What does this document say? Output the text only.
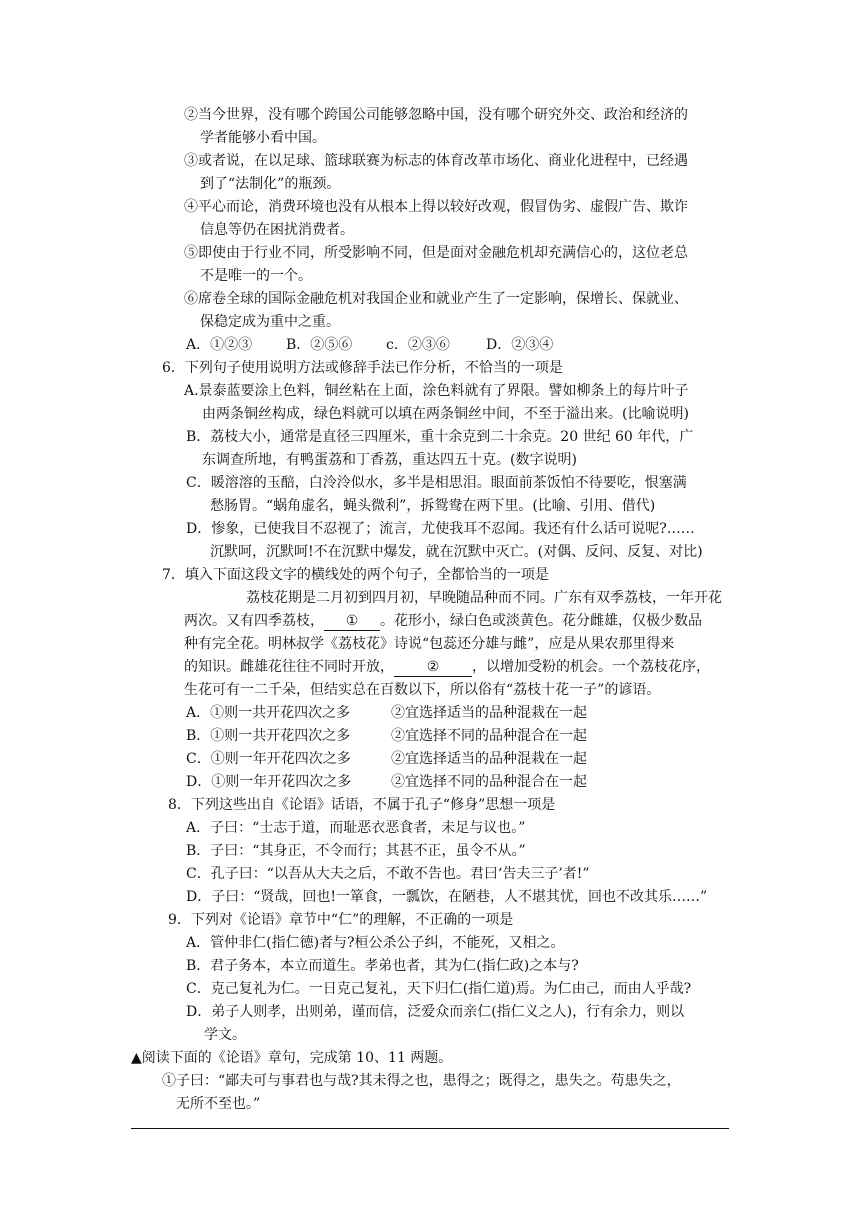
②当今世界，没有哪个跨国公司能够忽略中国，没有哪个研究外交、政治和经济的
学者能够小看中国。
③或者说，在以足球、篮球联赛为标志的体育改革市场化、商业化进程中，已经遇
到了“法制化”的瓶颈。
④平心而论，消费环境也没有从根本上得以较好改观，假冒伪劣、虚假广告、欺诈
信息等仍在困扰消费者。
⑤即使由于行业不同，所受影响不同，但是面对金融危机却充满信心的，这位老总
不是唯一的一个。
⑥席卷全球的国际金融危机对我国企业和就业产生了一定影响，保增长、保就业、
保稳定成为重中之重。
A．①②③ B．②⑤⑥ c．②③⑥	D．②③④
6．下列句子使用说明方法或修辞手法已作分析，不恰当的一项是
A.景泰蓝要涂上色料，铜丝粘在上面，涂色料就有了界限。譬如柳条上的每片叶子
由两条铜丝构成，绿色料就可以填在两条铜丝中间，不至于溢出来。(比喻说明)
B．荔枝大小，通常是直径三四厘米，重十余克到二十余克。20 世纪 60 年代，广
东调查所地，有鸭蛋荔和丁香荔，重达四五十克。(数字说明)
C．暖溶溶的玉醅，白泠泠似水，多半是相思泪。眼面前茶饭怕不待要吃，恨塞满
愁肠胃。“蜗角虚名，蝇头微利”，拆鸳鸯在两下里。(比喻、引用、借代)
D．惨象，已使我目不忍视了；流言，尤使我耳不忍闻。我还有什么话可说呢?……
沉默呵，沉默呵!不在沉默中爆发，就在沉默中灭亡。(对偶、反问、反复、对比)
7．填入下面这段文字的横线处的两个句子，全都恰当的一项是
荔枝花期是二月初到四月初，早晚随品种而不同。广东有双季荔枝，一年开花
两次。又有四季荔枝， ① 。花形小，绿白色或淡黄色。花分雌雄，仅极少数品
种有完全花。明林叔学《荔枝花》诗说“包蕊还分雄与雌”，应是从果农那里得来
的知识。雌雄花往往不同时开放， ② ，以增加受粉的机会。一个荔枝花序，
生花可有一二千朵，但结实总在百数以下，所以俗有“荔枝十花一子”的谚语。
A．①则一共开花四次之多	②宜选择适当的品种混栽在一起
B．①则一共开花四次之多	②宜选择不同的品种混合在一起
C．①则一年开花四次之多	②宜选择适当的品种混栽在一起
D．①则一年开花四次之多	②宜选择不同的品种混合在一起
8．下列这些出自《论语》话语，不属于孔子“修身”思想一项是
A．子曰：“士志于道，而耻恶衣恶食者，未足与议也。”
B．子曰：“其身正，不令而行；其甚不正，虽令不从。”
C．孔子曰：“以吾从大夫之后，不敢不告也。君曰‘告夫三子’者!”
D．子曰：“贤哉，回也!一箪食，一瓢饮，在陋巷，人不堪其忧，回也不改其乐……”
9．下列对《论语》章节中“仁”的理解，不正确的一项是
A．管仲非仁(指仁德)者与?桓公杀公子纠，不能死，又相之。
B．君子务本，本立而道生。孝弟也者，其为仁(指仁政)之本与?
C．克己复礼为仁。一日克己复礼，天下归仁(指仁道)焉。为仁由己，而由人乎哉?
D．弟子人则孝，出则弟，谨而信，泛爱众而亲仁(指仁义之人)，行有余力，则以
学文。
▲阅读下面的《论语》章句，完成第 10、11 两题。
①子曰：“鄙夫可与事君也与哉?其未得之也，患得之；既得之，患失之。苟患失之，
无所不至也。”
